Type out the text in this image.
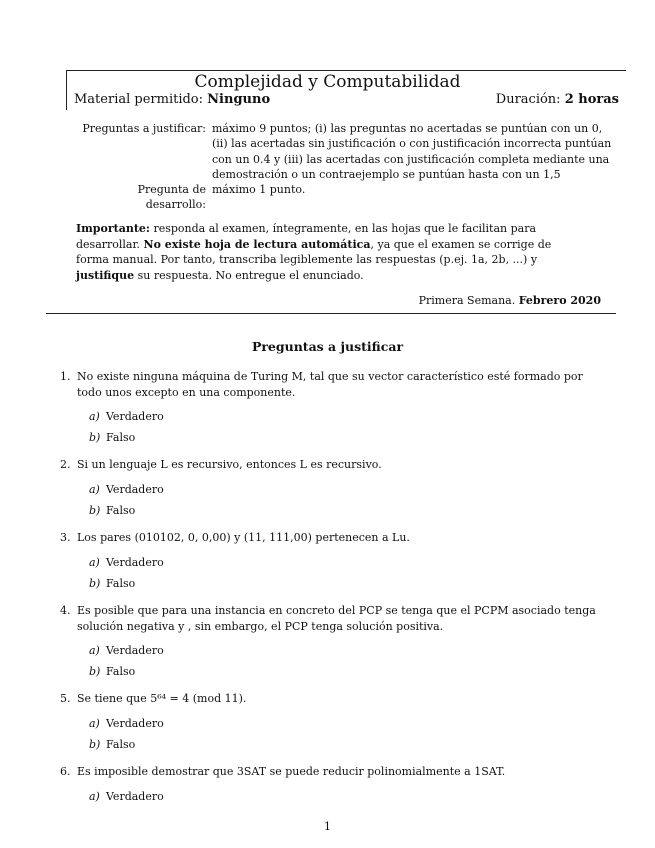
Complejidad y Computabilidad
Material permitido: Ninguno	Duración: 2 horas
Preguntas a justificar: máximo 9 puntos; (i) las preguntas no acertadas se puntúan con un 0, (ii) las acertadas sin justificación o con justificación incorrecta puntúan con un 0.4 y (iii) las acertadas con justificación completa mediante una demostración o un contraejemplo se puntúan hasta con un 1,5
Pregunta de desarrollo:
máximo 1 punto.
Importante: responda al examen, íntegramente, en las hojas que le facilitan para desarrollar. No existe hoja de lectura automática, ya que el examen se corrige de forma manual. Por tanto, transcriba legiblemente las respuestas (p.ej. 1a, 2b, ...) y justifique su respuesta. No entregue el enunciado.
Primera Semana. Febrero 2020
Preguntas a justificar
1. No existe ninguna máquina de Turing M, tal que su vector característico esté formado por todo unos excepto en una componente.
a) Verdadero
b) Falso
2. Si un lenguaje L es recursivo, entonces L es recursivo.
a) Verdadero
b) Falso
3. Los pares (010102, 0, 0,00) y (11, 111,00) pertenecen a Lu.
a) Verdadero
b) Falso
4. Es posible que para una instancia en concreto del PCP se tenga que el PCPM asociado tenga solución negativa y , sin embargo, el PCP tenga solución positiva.
a) Verdadero
b) Falso
5. Se tiene que 5⁶⁴ = 4 (mod 11).
a) Verdadero
b) Falso
6. Es imposible demostrar que 3SAT se puede reducir polinomialmente a 1SAT.
a) Verdadero
1
